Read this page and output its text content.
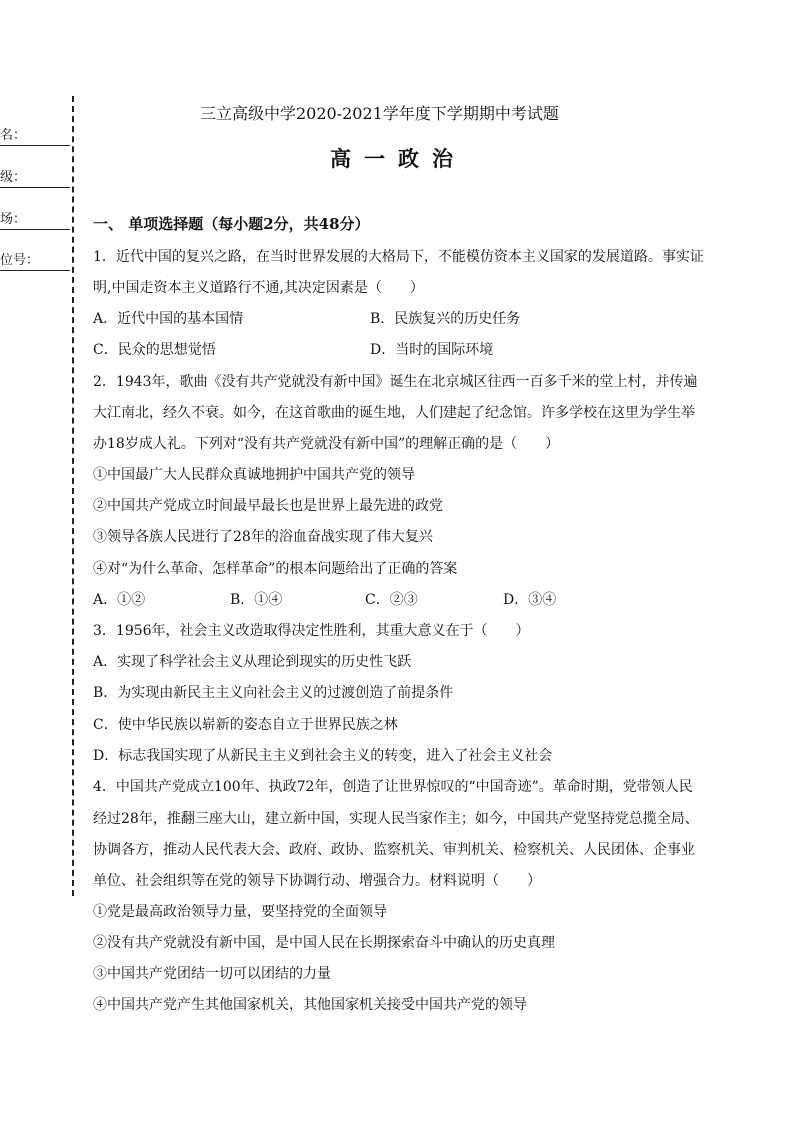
名：
级：
场：
位号：
三立高级中学2020-2021学年度下学期期中考试题
高一政治
一、 单项选择题（每小题2分，共48分）
1．近代中国的复兴之路，在当时世界发展的大格局下，不能模仿资本主义国家的发展道路。事实证
明,中国走资本主义道路行不通,其决定因素是（　　）
A．近代中国的基本国情	B．民族复兴的历史任务
C．民众的思想觉悟	D．当时的国际环境
2．1943年，歌曲《没有共产党就没有新中国》诞生在北京城区往西一百多千米的堂上村，并传遍
大江南北，经久不衰。如今，在这首歌曲的诞生地，人们建起了纪念馆。许多学校在这里为学生举
办18岁成人礼。下列对“没有共产党就没有新中国”的理解正确的是（　　）
①中国最广大人民群众真诚地拥护中国共产党的领导
②中国共产党成立时间最早最长也是世界上最先进的政党
③领导各族人民进行了28年的浴血奋战实现了伟大复兴
④对“为什么革命、怎样革命”的根本问题给出了正确的答案
A．①②	B．①④	C．②③	D．③④
3．1956年，社会主义改造取得决定性胜利，其重大意义在于（　　）
A．实现了科学社会主义从理论到现实的历史性飞跃
B．为实现由新民主主义向社会主义的过渡创造了前提条件
C．使中华民族以崭新的姿态自立于世界民族之林
D．标志我国实现了从新民主主义到社会主义的转变，进入了社会主义社会
4．中国共产党成立100年、执政72年，创造了让世界惊叹的“中国奇迹”。革命时期，党带领人民
经过28年，推翻三座大山，建立新中国，实现人民当家作主；如今，中国共产党坚持党总揽全局、
协调各方，推动人民代表大会、政府、政协、监察机关、审判机关、检察机关、人民团体、企事业
单位、社会组织等在党的领导下协调行动、增强合力。材料说明（　　）
①党是最高政治领导力量，要坚持党的全面领导
②没有共产党就没有新中国，是中国人民在长期探索奋斗中确认的历史真理
③中国共产党团结一切可以团结的力量
④中国共产党产生其他国家机关，其他国家机关接受中国共产党的领导
